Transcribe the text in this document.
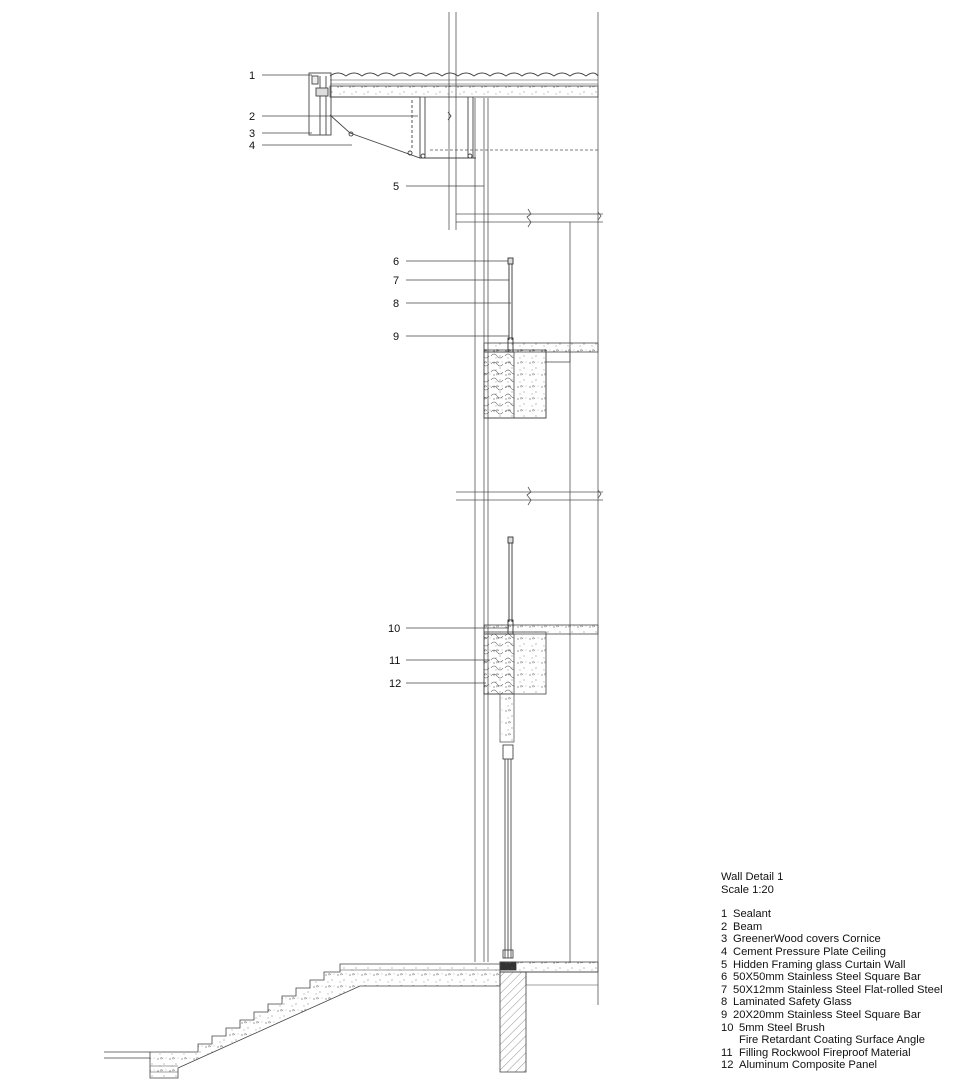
1
2
3
4
5
6
7
8
9
10
11
12
Wall Detail 1
Scale 1:20
1 Sealant
2 Beam
3 GreenerWood covers Cornice
4 Cement Pressure Plate Ceiling
5 Hidden Framing glass Curtain Wall
6 50X50mm Stainless Steel Square Bar
7 50X12mm Stainless Steel Flat-rolled Steel
8 Laminated Safety Glass
9 20X20mm Stainless Steel Square Bar
10 5mm Steel Brush
Fire Retardant Coating Surface Angle
11 Filling Rockwool Fireproof Material
12 Aluminum Composite Panel
